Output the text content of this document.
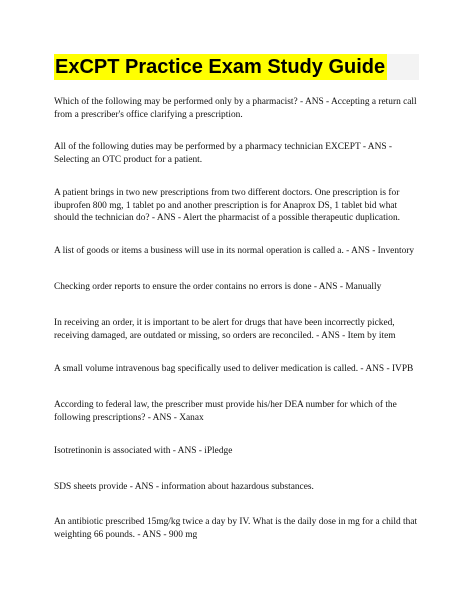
ExCPT Practice Exam Study Guide

Which of the following may be performed only by a pharmacist? - ANS - Accepting a return call from a prescriber's office clarifying a prescription.

All of the following duties may be performed by a pharmacy technician EXCEPT - ANS - Selecting an OTC product for a patient.

A patient brings in two new prescriptions from two different doctors. One prescription is for ibuprofen 800 mg, 1 tablet po and another prescription is for Anaprox DS, 1 tablet bid what should the technician do? - ANS - Alert the pharmacist of a possible therapeutic duplication.

A list of goods or items a business will use in its normal operation is called a. - ANS - Inventory

Checking order reports to ensure the order contains no errors is done - ANS - Manually

In receiving an order, it is important to be alert for drugs that have been incorrectly picked, receiving damaged, are outdated or missing, so orders are reconciled. - ANS - Item by item

A small volume intravenous bag specifically used to deliver medication is called. - ANS - IVPB

According to federal law, the prescriber must provide his/her DEA number for which of the following prescriptions? - ANS - Xanax

Isotretinonin is associated with - ANS - iPledge

SDS sheets provide - ANS - information about hazardous substances.

An antibiotic prescribed 15mg/kg twice a day by IV. What is the daily dose in mg for a child that weighting 66 pounds. - ANS - 900 mg
